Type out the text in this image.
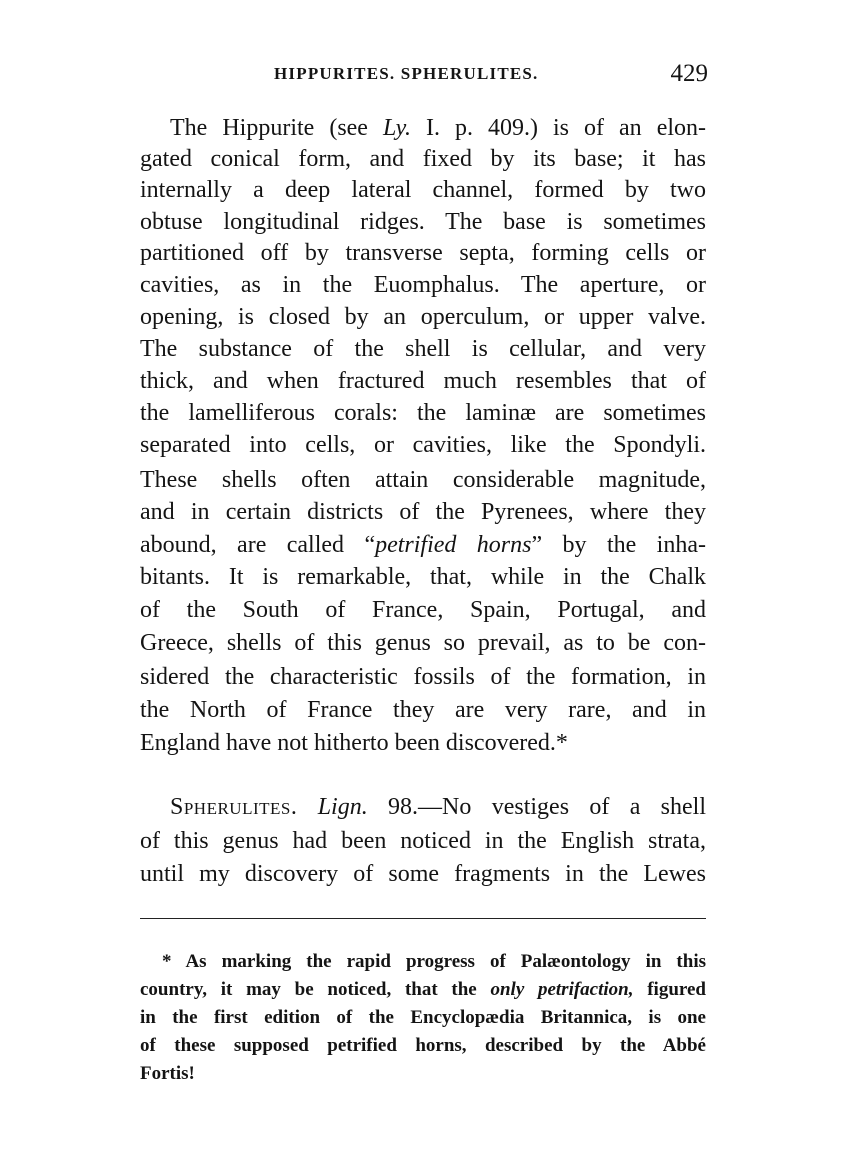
HIPPURITES. SPHERULITES.	429
The Hippurite (see Ly. I. p. 409.) is of an elon-
gated conical form, and fixed by its base; it has
internally a deep lateral channel, formed by two
obtuse longitudinal ridges. The base is sometimes
partitioned off by transverse septa, forming cells or
cavities, as in the Euomphalus. The aperture, or
opening, is closed by an operculum, or upper valve.
The substance of the shell is cellular, and very
thick, and when fractured much resembles that of
the lamelliferous corals: the laminæ are sometimes
separated into cells, or cavities, like the Spondyli.
These shells often attain considerable magnitude,
and in certain districts of the Pyrenees, where they
abound, are called “petrified horns” by the inha-
bitants. It is remarkable, that, while in the Chalk
of the South of France, Spain, Portugal, and
Greece, shells of this genus so prevail, as to be con-
sidered the characteristic fossils of the formation, in
the North of France they are very rare, and in
England have not hitherto been discovered.*
Spherulites. Lign. 98.—No vestiges of a shell
of this genus had been noticed in the English strata,
until my discovery of some fragments in the Lewes
* As marking the rapid progress of Palæontology in this
country, it may be noticed, that the only petrifaction, figured
in the first edition of the Encyclopædia Britannica, is one
of these supposed petrified horns, described by the Abbé
Fortis!
